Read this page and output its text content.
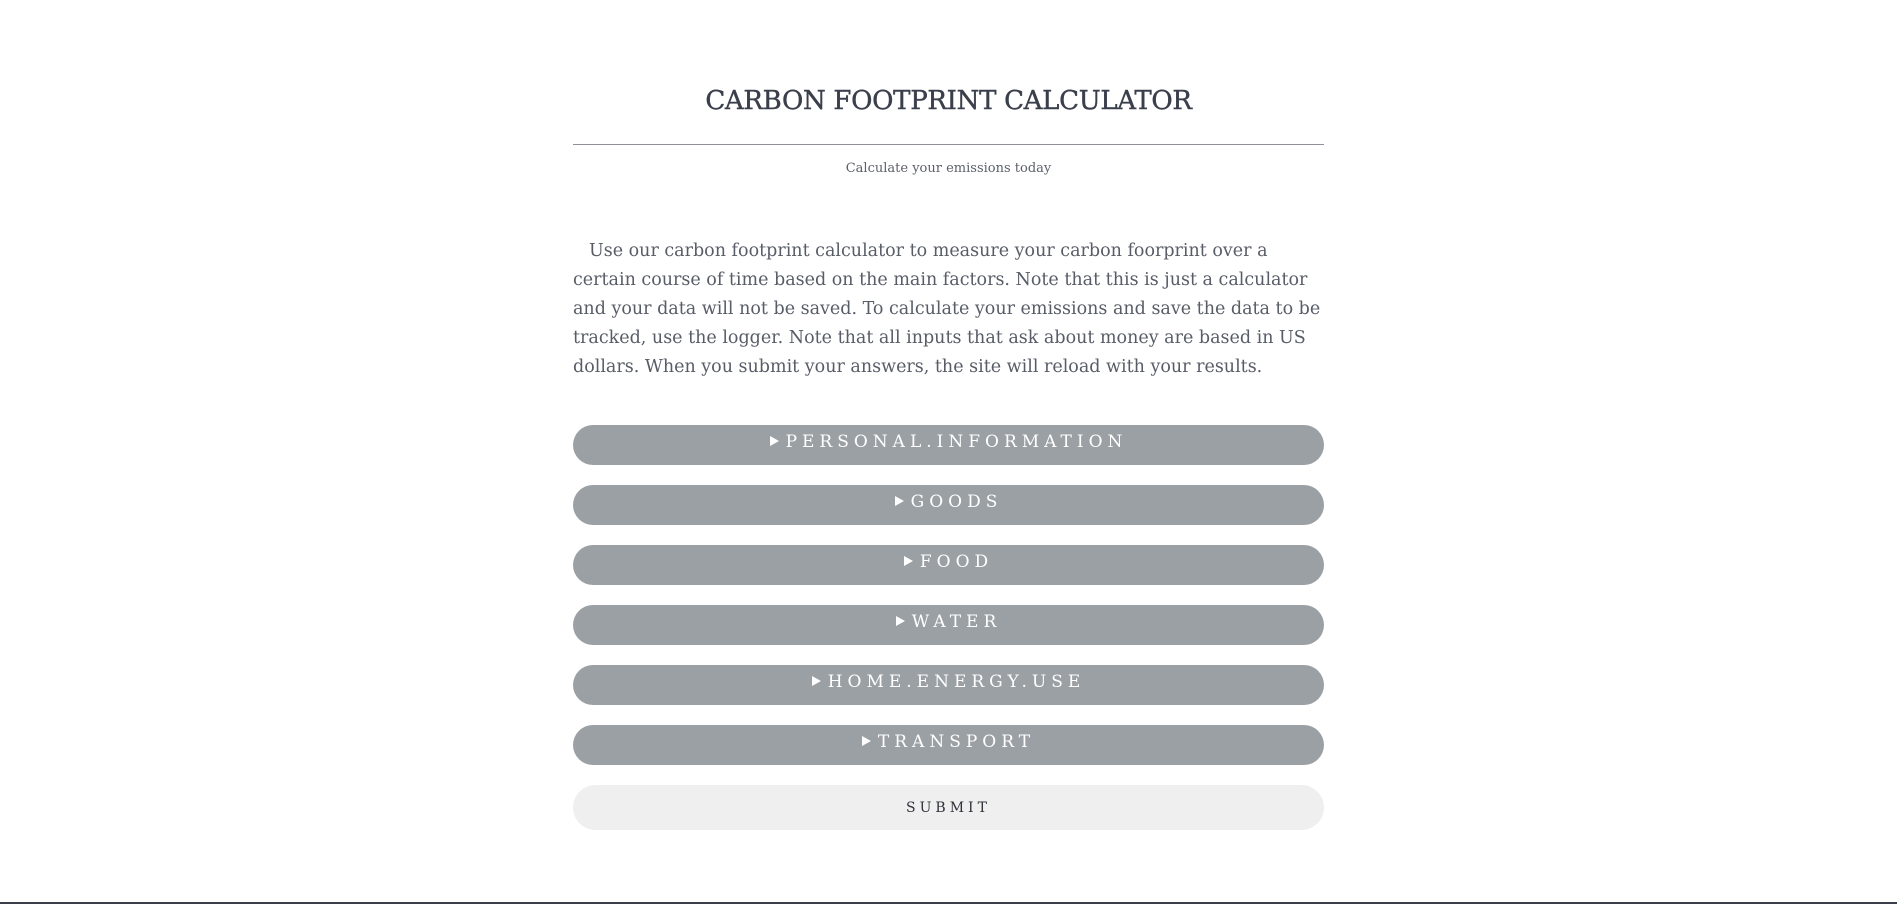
CARBON FOOTPRINT CALCULATOR
Calculate your emissions today

Use our carbon footprint calculator to measure your carbon foorprint over a certain course of time based on the main factors. Note that this is just a calculator and your data will not be saved. To calculate your emissions and save the data to be tracked, use the logger. Note that all inputs that ask about money are based in US dollars. When you submit your answers, the site will reload with your results.

PERSONAL.INFORMATION
GOODS
FOOD
WATER
HOME.ENERGY.USE
TRANSPORT
SUBMIT
